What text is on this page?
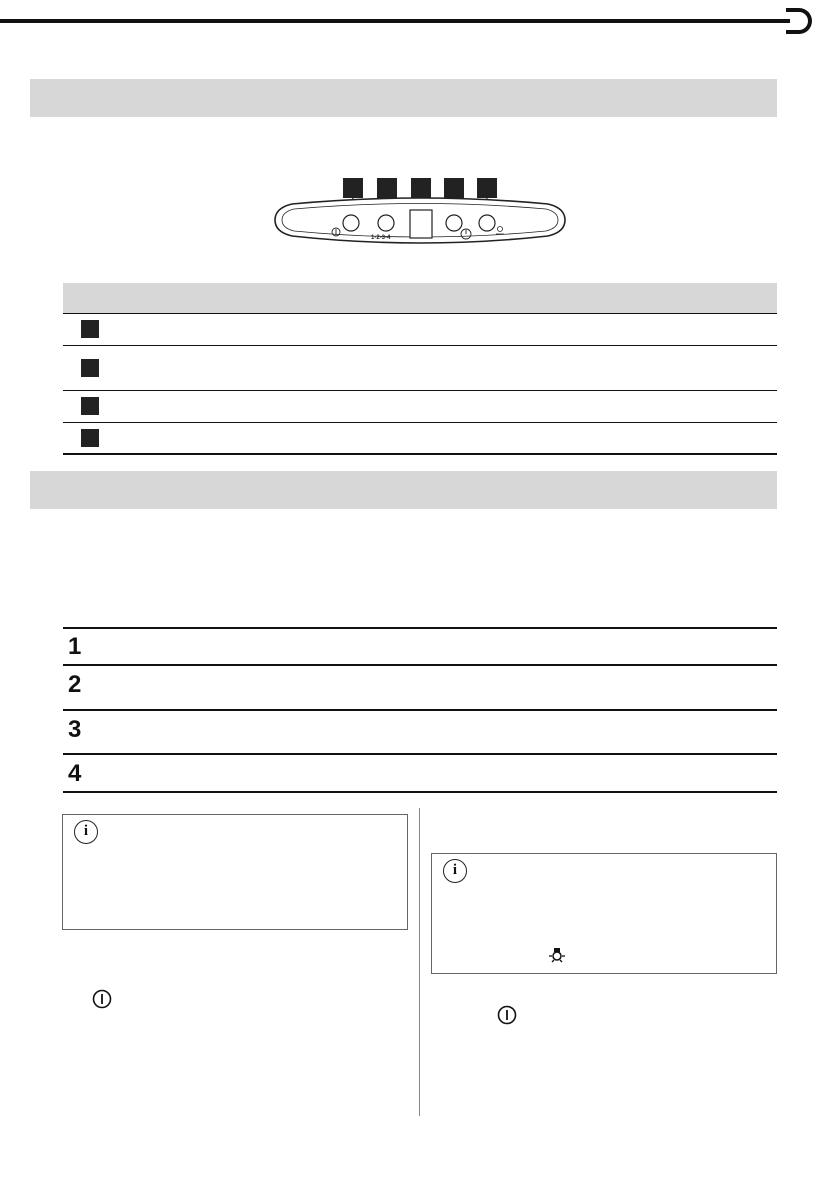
1-2-3-4
1
2
3
4
i
i
